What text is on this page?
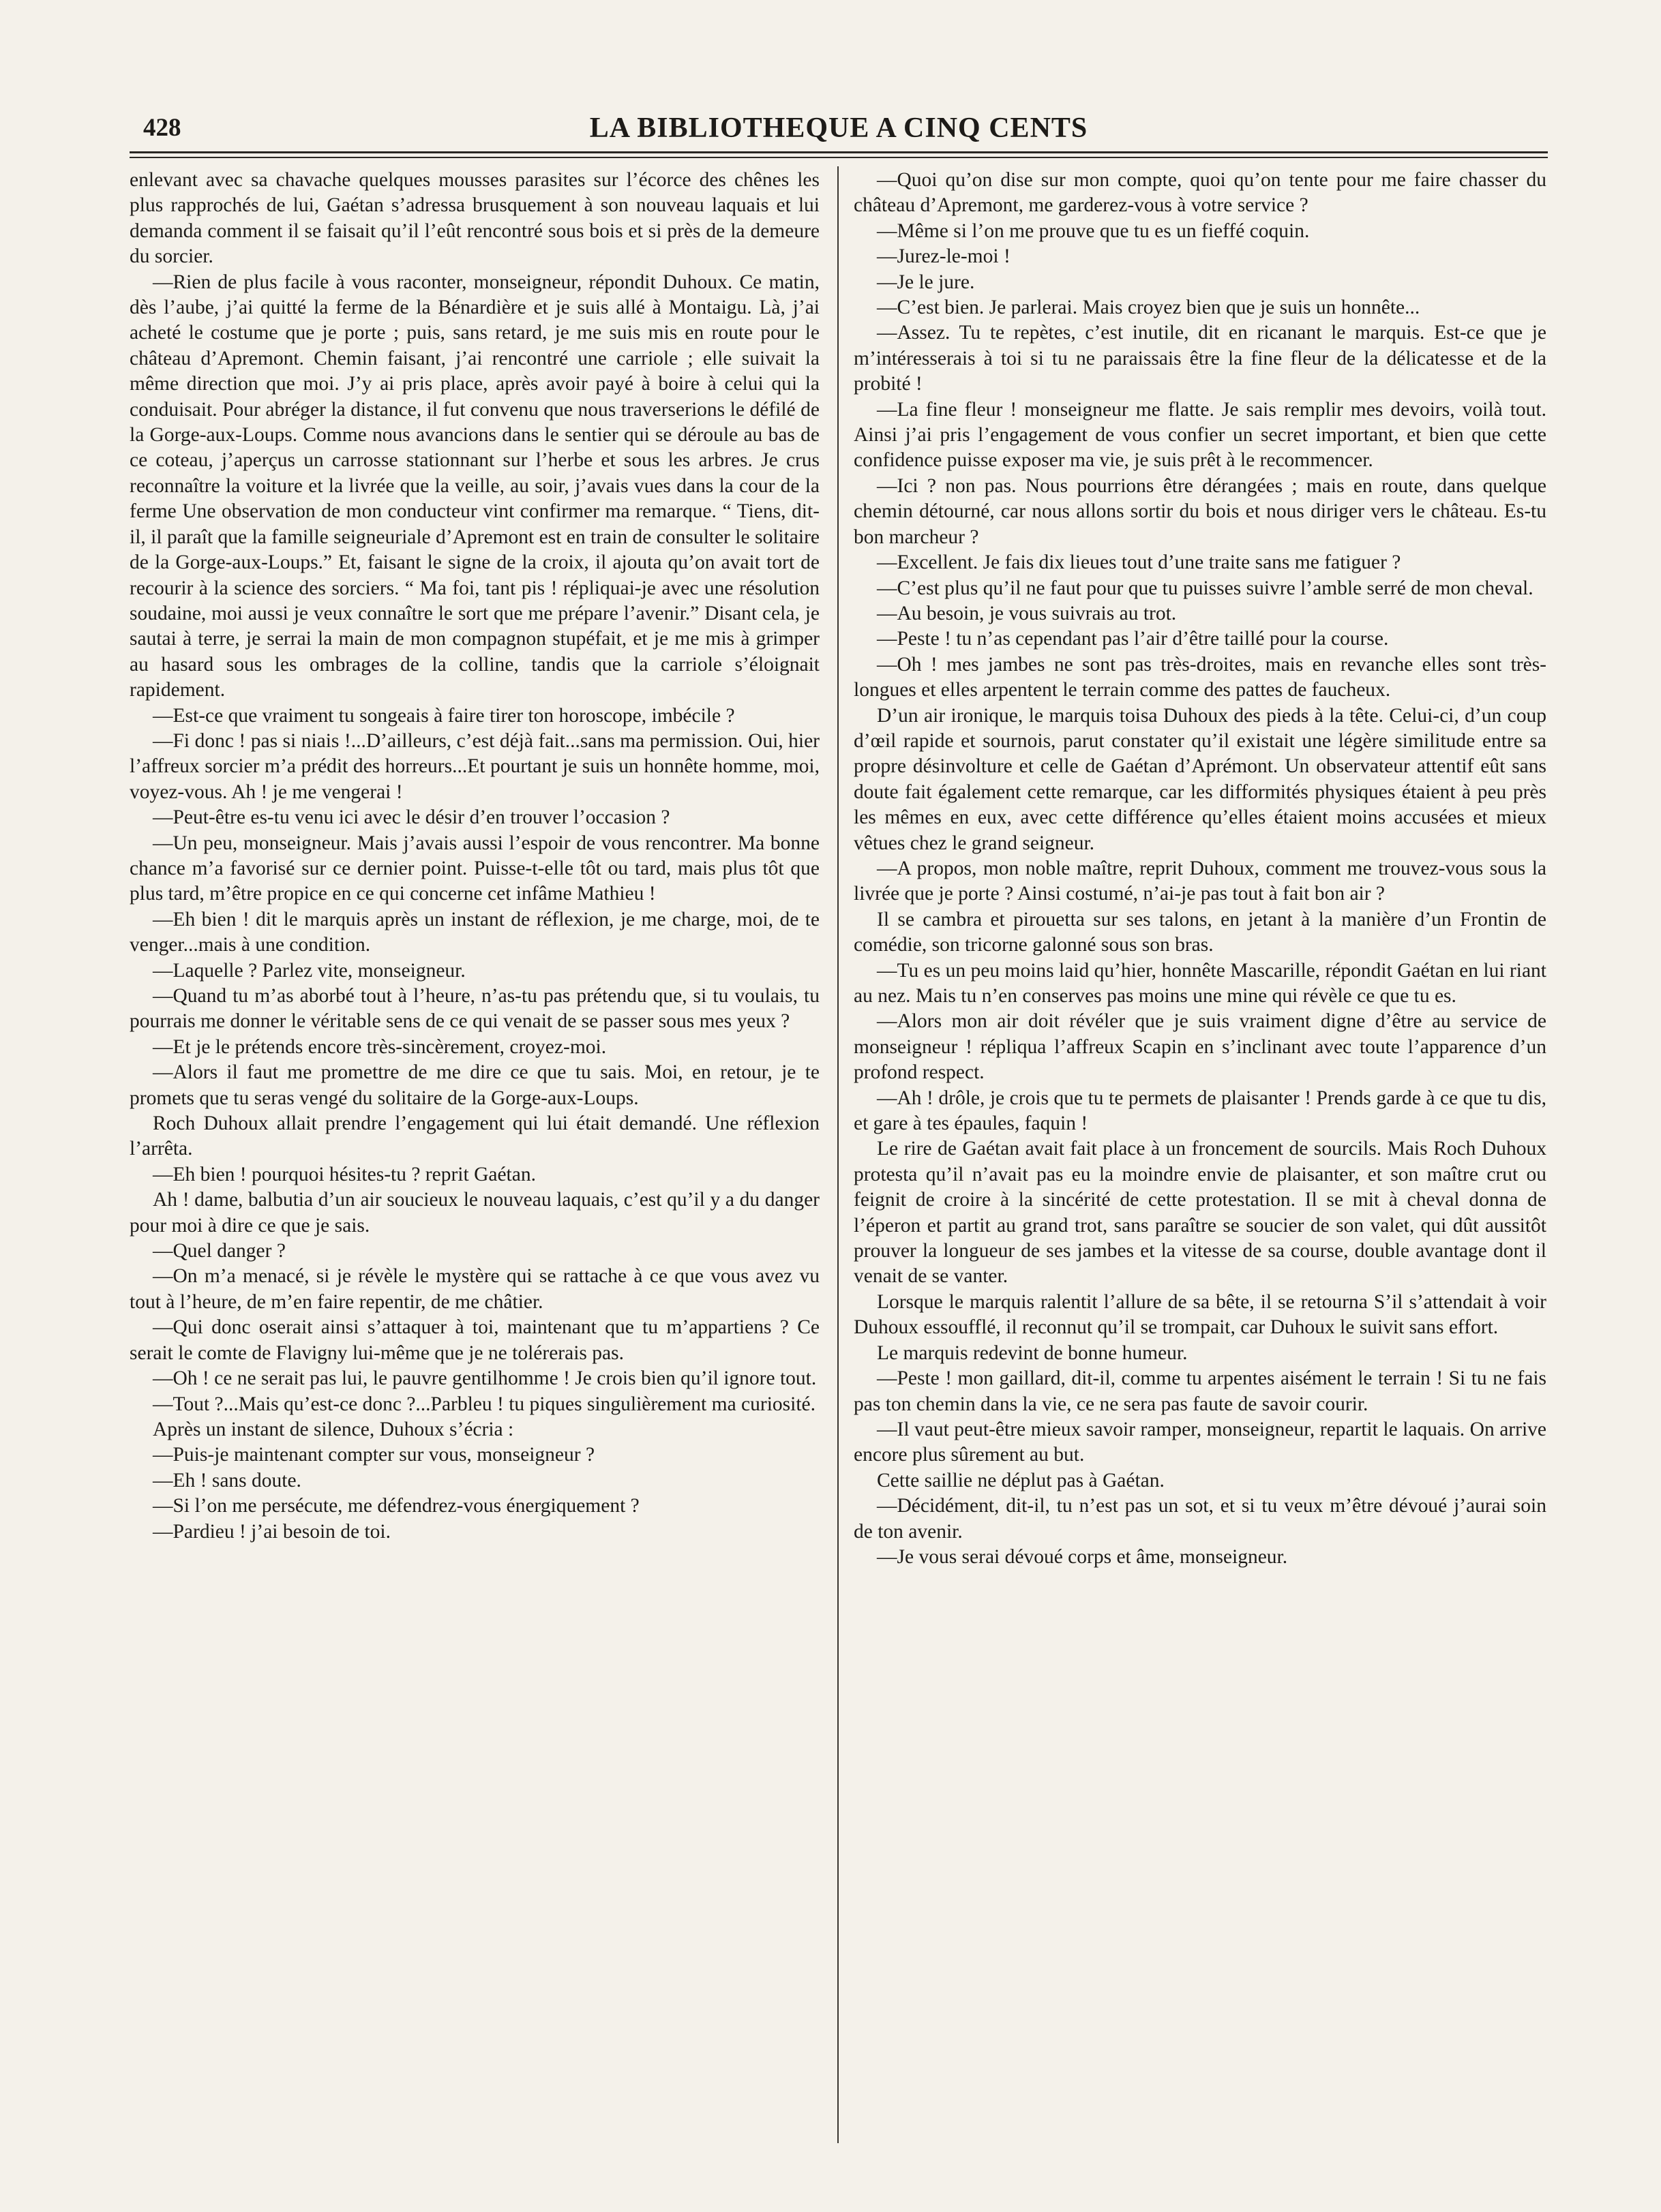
428	LA BIBLIOTHEQUE A CINQ CENTS

enlevant avec sa chavache quelques mousses parasites sur l’écorce des chênes les plus rapprochés de lui, Gaétan s’adressa brusquement à son nouveau laquais et lui demanda comment il se faisait qu’il l’eût rencontré sous bois et si près de la demeure du sorcier.

—Rien de plus facile à vous raconter, monseigneur, répondit Duhoux. Ce matin, dès l’aube, j’ai quitté la ferme de la Bénardière et je suis allé à Montaigu. Là, j’ai acheté le costume que je porte ; puis, sans retard, je me suis mis en route pour le château d’Apremont. Chemin faisant, j’ai rencontré une carriole ; elle suivait la même direction que moi. J’y ai pris place, après avoir payé à boire à celui qui la conduisait. Pour abréger la distance, il fut convenu que nous traverserions le défilé de la Gorge-aux-Loups. Comme nous avancions dans le sentier qui se déroule au bas de ce coteau, j’aperçus un carrosse stationnant sur l’herbe et sous les arbres. Je crus reconnaître la voiture et la livrée que la veille, au soir, j’avais vues dans la cour de la ferme Une observation de mon conducteur vint confirmer ma remarque. “ Tiens, dit-il, il paraît que la famille seigneuriale d’Apremont est en train de consulter le solitaire de la Gorge-aux-Loups.” Et, faisant le signe de la croix, il ajouta qu’on avait tort de recourir à la science des sorciers. “ Ma foi, tant pis ! répliquai-je avec une résolution soudaine, moi aussi je veux connaître le sort que me prépare l’avenir.” Disant cela, je sautai à terre, je serrai la main de mon compagnon stupéfait, et je me mis à grimper au hasard sous les ombrages de la colline, tandis que la carriole s’éloignait rapidement.

—Est-ce que vraiment tu songeais à faire tirer ton horoscope, imbécile ?

—Fi donc ! pas si niais !...D’ailleurs, c’est déjà fait...sans ma permission. Oui, hier l’affreux sorcier m’a prédit des horreurs...Et pourtant je suis un honnête homme, moi, voyez-vous. Ah ! je me vengerai !

—Peut-être es-tu venu ici avec le désir d’en trouver l’occasion ?

—Un peu, monseigneur. Mais j’avais aussi l’espoir de vous rencontrer. Ma bonne chance m’a favorisé sur ce dernier point. Puisse-t-elle tôt ou tard, mais plus tôt que plus tard, m’être propice en ce qui concerne cet infâme Mathieu !

—Eh bien ! dit le marquis après un instant de réflexion, je me charge, moi, de te venger...mais à une condition.

—Laquelle ? Parlez vite, monseigneur.

—Quand tu m’as aborbé tout à l’heure, n’as-tu pas prétendu que, si tu voulais, tu pourrais me donner le véritable sens de ce qui venait de se passer sous mes yeux ?

—Et je le prétends encore très-sincèrement, croyez-moi.

—Alors il faut me promettre de me dire ce que tu sais. Moi, en retour, je te promets que tu seras vengé du solitaire de la Gorge-aux-Loups.

Roch Duhoux allait prendre l’engagement qui lui était demandé. Une réflexion l’arrêta.

—Eh bien ! pourquoi hésites-tu ? reprit Gaétan.

Ah ! dame, balbutia d’un air soucieux le nouveau laquais, c’est qu’il y a du danger pour moi à dire ce que je sais.

—Quel danger ?

—On m’a menacé, si je révèle le mystère qui se rattache à ce que vous avez vu tout à l’heure, de m’en faire repentir, de me châtier.

—Qui donc oserait ainsi s’attaquer à toi, maintenant que tu m’appartiens ? Ce serait le comte de Flavigny lui-même que je ne tolérerais pas.

—Oh ! ce ne serait pas lui, le pauvre gentilhomme ! Je crois bien qu’il ignore tout.

—Tout ?...Mais qu’est-ce donc ?...Parbleu ! tu piques singulièrement ma curiosité.

Après un instant de silence, Duhoux s’écria :

—Puis-je maintenant compter sur vous, monseigneur ?

—Eh ! sans doute.

—Si l’on me persécute, me défendrez-vous énergiquement ?

—Pardieu ! j’ai besoin de toi.

—Quoi qu’on dise sur mon compte, quoi qu’on tente pour me faire chasser du château d’Apremont, me garderez-vous à votre service ?

—Même si l’on me prouve que tu es un fieffé coquin.

—Jurez-le-moi !

—Je le jure.

—C’est bien. Je parlerai. Mais croyez bien que je suis un honnête...

—Assez. Tu te repètes, c’est inutile, dit en ricanant le marquis. Est-ce que je m’intéresserais à toi si tu ne paraissais être la fine fleur de la délicatesse et de la probité !

—La fine fleur ! monseigneur me flatte. Je sais remplir mes devoirs, voilà tout. Ainsi j’ai pris l’engagement de vous confier un secret important, et bien que cette confidence puisse exposer ma vie, je suis prêt à le recommencer.

—Ici ? non pas. Nous pourrions être dérangées ; mais en route, dans quelque chemin détourné, car nous allons sortir du bois et nous diriger vers le château. Es-tu bon marcheur ?

—Excellent. Je fais dix lieues tout d’une traite sans me fatiguer ?

—C’est plus qu’il ne faut pour que tu puisses suivre l’amble serré de mon cheval.

—Au besoin, je vous suivrais au trot.

—Peste ! tu n’as cependant pas l’air d’être taillé pour la course.

—Oh ! mes jambes ne sont pas très-droites, mais en revanche elles sont très-longues et elles arpentent le terrain comme des pattes de faucheux.

D’un air ironique, le marquis toisa Duhoux des pieds à la tête. Celui-ci, d’un coup d’œil rapide et sournois, parut constater qu’il existait une légère similitude entre sa propre désinvolture et celle de Gaétan d’Aprémont. Un observateur attentif eût sans doute fait également cette remarque, car les difformités physiques étaient à peu près les mêmes en eux, avec cette différence qu’elles étaient moins accusées et mieux vêtues chez le grand seigneur.

—A propos, mon noble maître, reprit Duhoux, comment me trouvez-vous sous la livrée que je porte ? Ainsi costumé, n’ai-je pas tout à fait bon air ?

Il se cambra et pirouetta sur ses talons, en jetant à la manière d’un Frontin de comédie, son tricorne galonné sous son bras.

—Tu es un peu moins laid qu’hier, honnête Mascarille, répondit Gaétan en lui riant au nez. Mais tu n’en conserves pas moins une mine qui révèle ce que tu es.

—Alors mon air doit révéler que je suis vraiment digne d’être au service de monseigneur ! répliqua l’affreux Scapin en s’inclinant avec toute l’apparence d’un profond respect.

—Ah ! drôle, je crois que tu te permets de plaisanter ! Prends garde à ce que tu dis, et gare à tes épaules, faquin !

Le rire de Gaétan avait fait place à un froncement de sourcils. Mais Roch Duhoux protesta qu’il n’avait pas eu la moindre envie de plaisanter, et son maître crut ou feignit de croire à la sincérité de cette protestation. Il se mit à cheval donna de l’éperon et partit au grand trot, sans paraître se soucier de son valet, qui dût aussitôt prouver la longueur de ses jambes et la vitesse de sa course, double avantage dont il venait de se vanter.

Lorsque le marquis ralentit l’allure de sa bête, il se retourna S’il s’attendait à voir Duhoux essoufflé, il reconnut qu’il se trompait, car Duhoux le suivit sans effort.

Le marquis redevint de bonne humeur.

—Peste ! mon gaillard, dit-il, comme tu arpentes aisément le terrain ! Si tu ne fais pas ton chemin dans la vie, ce ne sera pas faute de savoir courir.

—Il vaut peut-être mieux savoir ramper, monseigneur, repartit le laquais. On arrive encore plus sûrement au but.

Cette saillie ne déplut pas à Gaétan.

—Décidément, dit-il, tu n’est pas un sot, et si tu veux m’être dévoué j’aurai soin de ton avenir.

—Je vous serai dévoué corps et âme, monseigneur.
